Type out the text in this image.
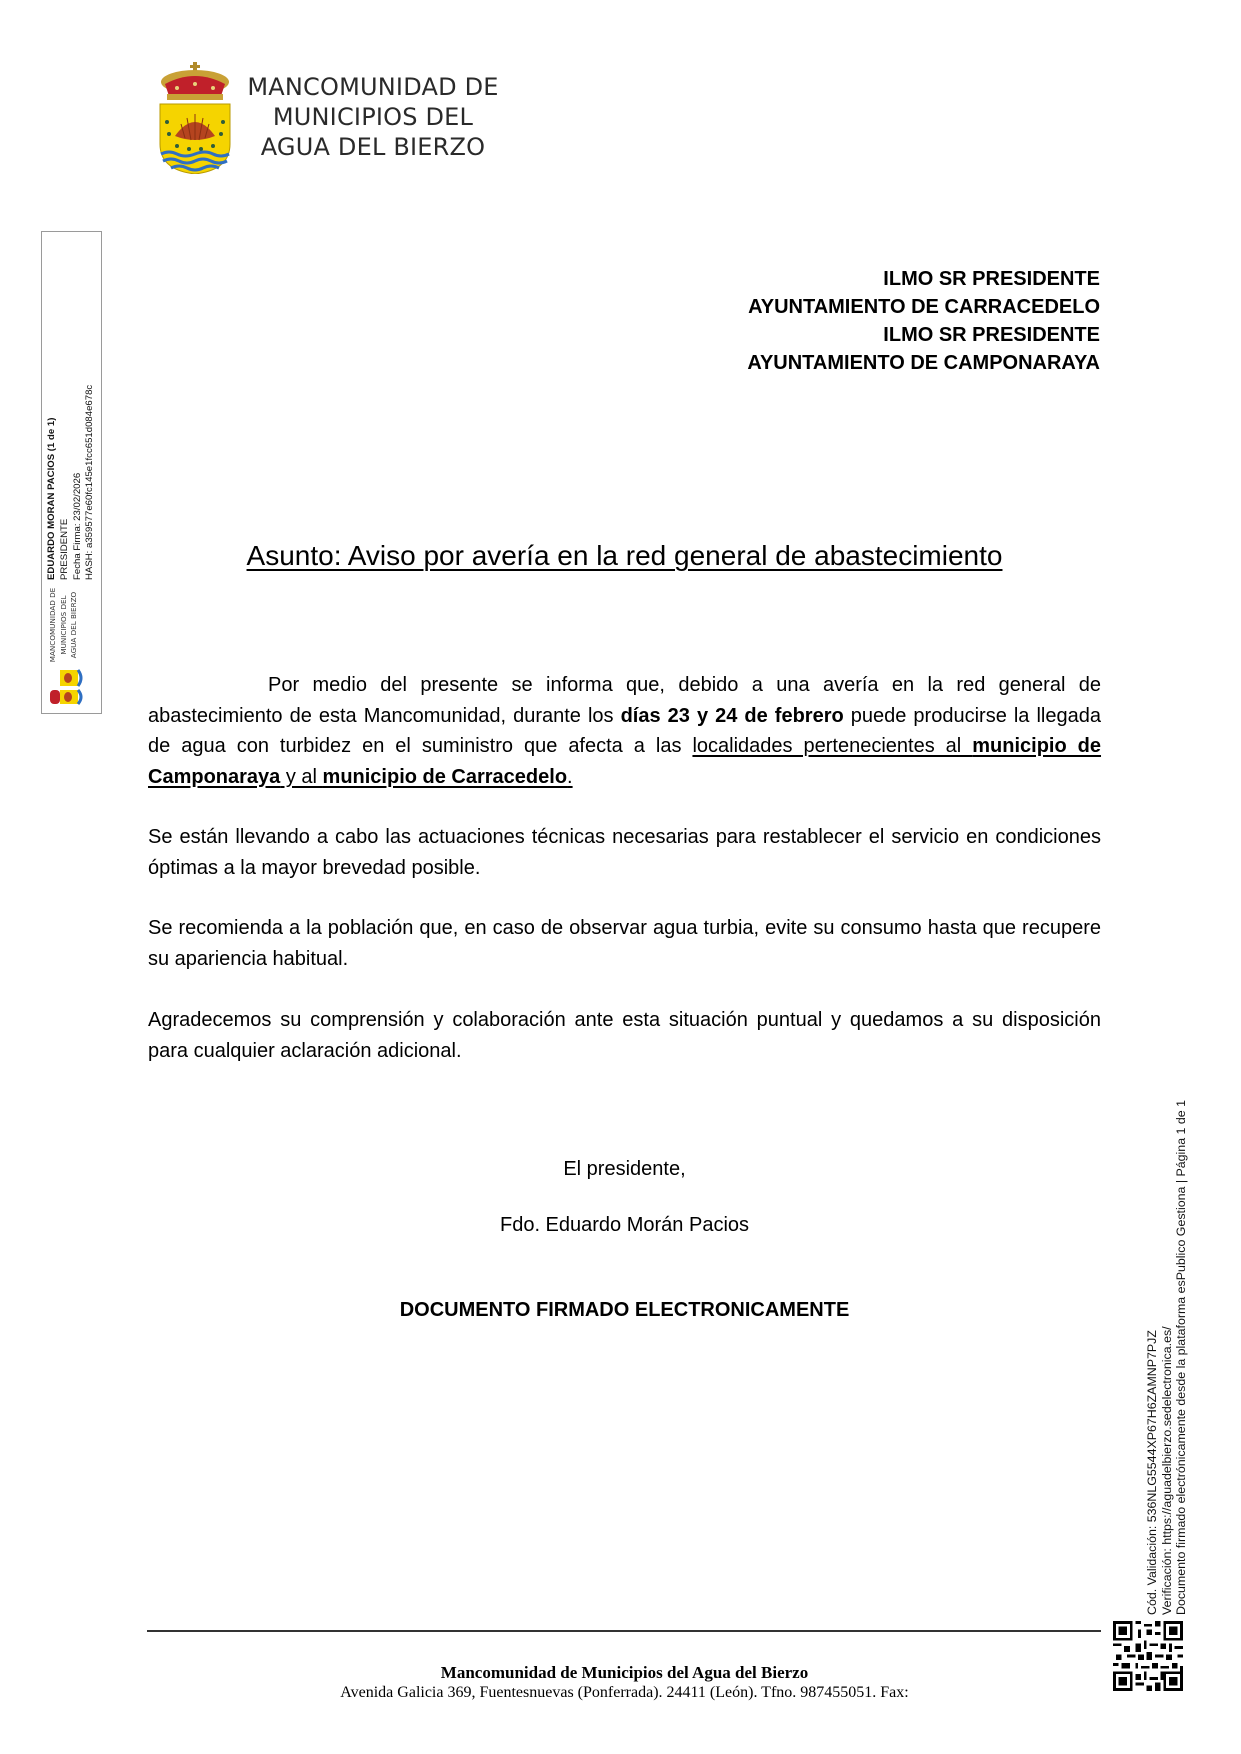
MANCOMUNIDAD DE
MUNICIPIOS DEL
AGUA DEL BIERZO
MANCOMUNIDAD DE MUNICIPIOS DEL AGUA DEL BIERZO
EDUARDO MORAN PACIOS (1 de 1) PRESIDENTE Fecha Firma: 23/02/2026 HASH: a359577e60fc145e1fcc651d084e678c
ILMO SR PRESIDENTE
AYUNTAMIENTO DE CARRACEDELO
ILMO SR PRESIDENTE
AYUNTAMIENTO DE CAMPONARAYA
Asunto: Aviso por avería en la red general de abastecimiento
Por medio del presente se informa que, debido a una avería en la red general de abastecimiento de esta Mancomunidad, durante los días 23 y 24 de febrero puede producirse la llegada de agua con turbidez en el suministro que afecta a las localidades pertenecientes al municipio de Camponaraya y al municipio de Carracedelo.
Se están llevando a cabo las actuaciones técnicas necesarias para restablecer el servicio en condiciones óptimas a la mayor brevedad posible.
Se recomienda a la población que, en caso de observar agua turbia, evite su consumo hasta que recupere su apariencia habitual.
Agradecemos su comprensión y colaboración ante esta situación puntual y quedamos a su disposición para cualquier aclaración adicional.
El presidente,
Fdo. Eduardo Morán Pacios
DOCUMENTO FIRMADO ELECTRONICAMENTE
Cód. Validación: 536NLG5544XP67H6ZAMNP7PJZ Verificación: https://aguadelbierzo.sedelectronica.es/ Documento firmado electrónicamente desde la plataforma esPublico Gestiona | Página 1 de 1
Mancomunidad de Municipios del Agua del Bierzo
Avenida Galicia 369, Fuentesnuevas (Ponferrada). 24411 (León). Tfno. 987455051. Fax:
